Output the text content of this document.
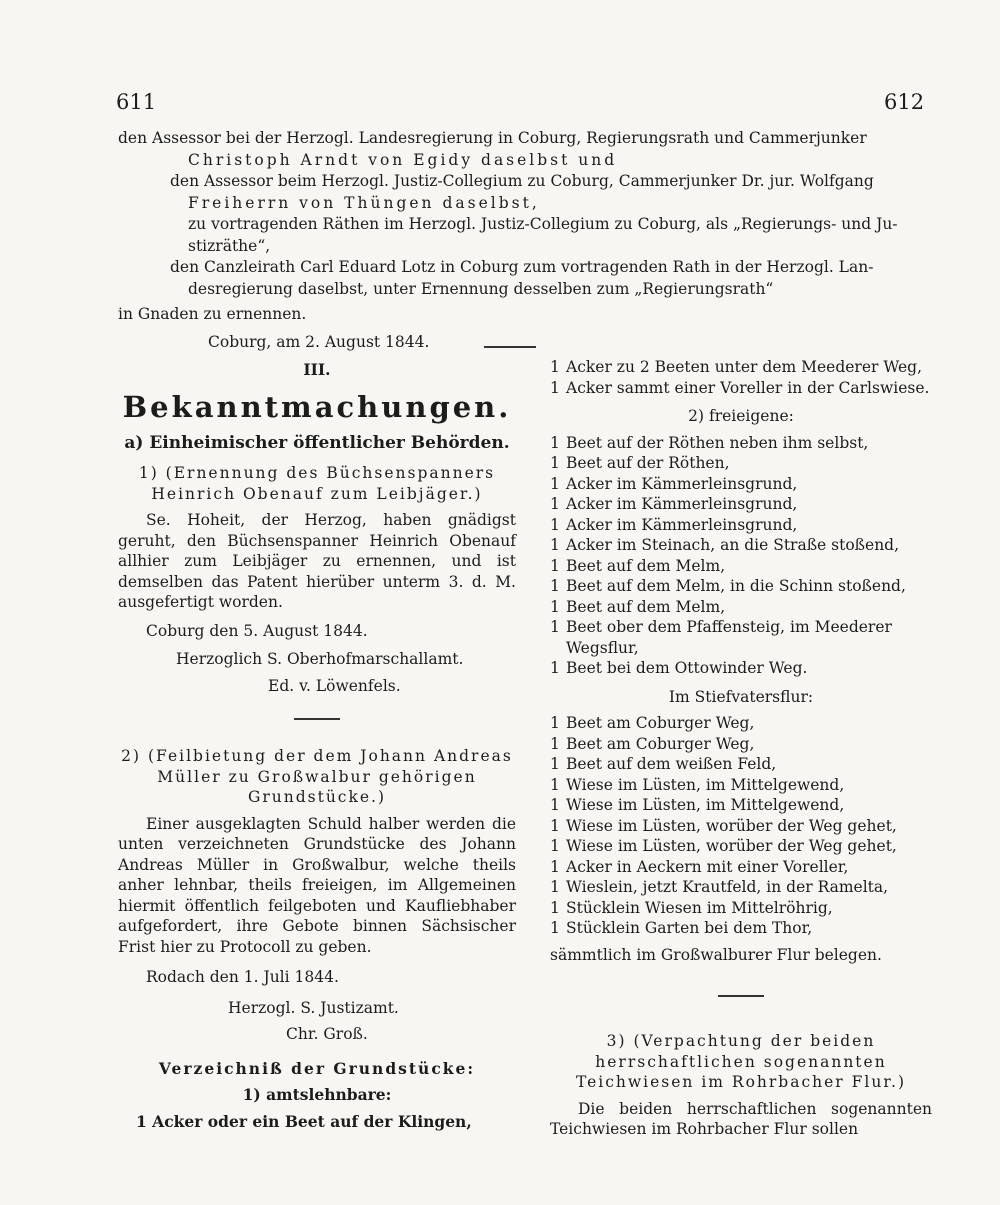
611	612
den Assessor bei der Herzogl. Landesregierung in Coburg, Regierungsrath und Cammerjunker
Christoph Arndt von Egidy daselbst und
den Assessor beim Herzogl. Justiz-Collegium zu Coburg, Cammerjunker Dr. jur. Wolfgang
Freiherrn von Thüngen daselbst,
zu vortragenden Räthen im Herzogl. Justiz-Collegium zu Coburg, als „Regierungs- und Ju-
stizräthe“,
den Canzleirath Carl Eduard Lotz in Coburg zum vortragenden Rath in der Herzogl. Lan-
desregierung daselbst, unter Ernennung desselben zum „Regierungsrath“
in Gnaden zu ernennen.
Coburg, am 2. August 1844.
III.
Bekanntmachungen.
a) Einheimischer öffentlicher Behörden.

1) (Ernennung des Büchsenspanners Heinrich Obenauf zum Leibjäger.)

Se. Hoheit, der Herzog, haben gnädigst geruht, den Büchsenspanner Heinrich Obenauf allhier zum Leibjäger zu ernennen, und ist demselben das Patent hierüber unterm 3. d. M. ausgefertigt worden.

Coburg den 5. August 1844.

Herzoglich S. Oberhofmarschallamt.

Ed. v. Löwenfels.

2) (Feilbietung der dem Johann Andreas Müller zu Großwalbur gehörigen Grundstücke.)

Einer ausgeklagten Schuld halber werden die unten verzeichneten Grundstücke des Johann Andreas Müller in Großwalbur, welche theils anher lehnbar, theils freieigen, im Allgemeinen hiermit öffentlich feilgeboten und Kaufliebhaber aufgefordert, ihre Gebote binnen Sächsischer Frist hier zu Protocoll zu geben.

Rodach den 1. Juli 1844.

Herzogl. S. Justizamt.

Chr. Groß.

Verzeichniß der Grundstücke:

1) amtslehnbare:

1 Acker oder ein Beet auf der Klingen,

1 Acker zu 2 Beeten unter dem Meederer Weg,
1 Acker sammt einer Voreller in der Carlswiese.
2) freieigene:
1 Beet auf der Röthen neben ihm selbst,
1 Beet auf der Röthen,
1 Acker im Kämmerleinsgrund,
1 Acker im Kämmerleinsgrund,
1 Acker im Kämmerleinsgrund,
1 Acker im Steinach, an die Straße stoßend,
1 Beet auf dem Melm,
1 Beet auf dem Melm, in die Schinn stoßend,
1 Beet auf dem Melm,
1 Beet ober dem Pfaffensteig, im Meederer Wegsflur,
1 Beet bei dem Ottowinder Weg.
Im Stiefvatersflur:
1 Beet am Coburger Weg,
1 Beet am Coburger Weg,
1 Beet auf dem weißen Feld,
1 Wiese im Lüsten, im Mittelgewend,
1 Wiese im Lüsten, im Mittelgewend,
1 Wiese im Lüsten, worüber der Weg gehet,
1 Wiese im Lüsten, worüber der Weg gehet,
1 Acker in Aeckern mit einer Voreller,
1 Wieslein, jetzt Krautfeld, in der Ramelta,
1 Stücklein Wiesen im Mittelröhrig,
1 Stücklein Garten bei dem Thor,

sämmtlich im Großwalburer Flur belegen.

3) (Verpachtung der beiden herrschaftlichen sogenannten Teichwiesen im Rohrbacher Flur.)

Die beiden herrschaftlichen sogenannten Teichwiesen im Rohrbacher Flur sollen
